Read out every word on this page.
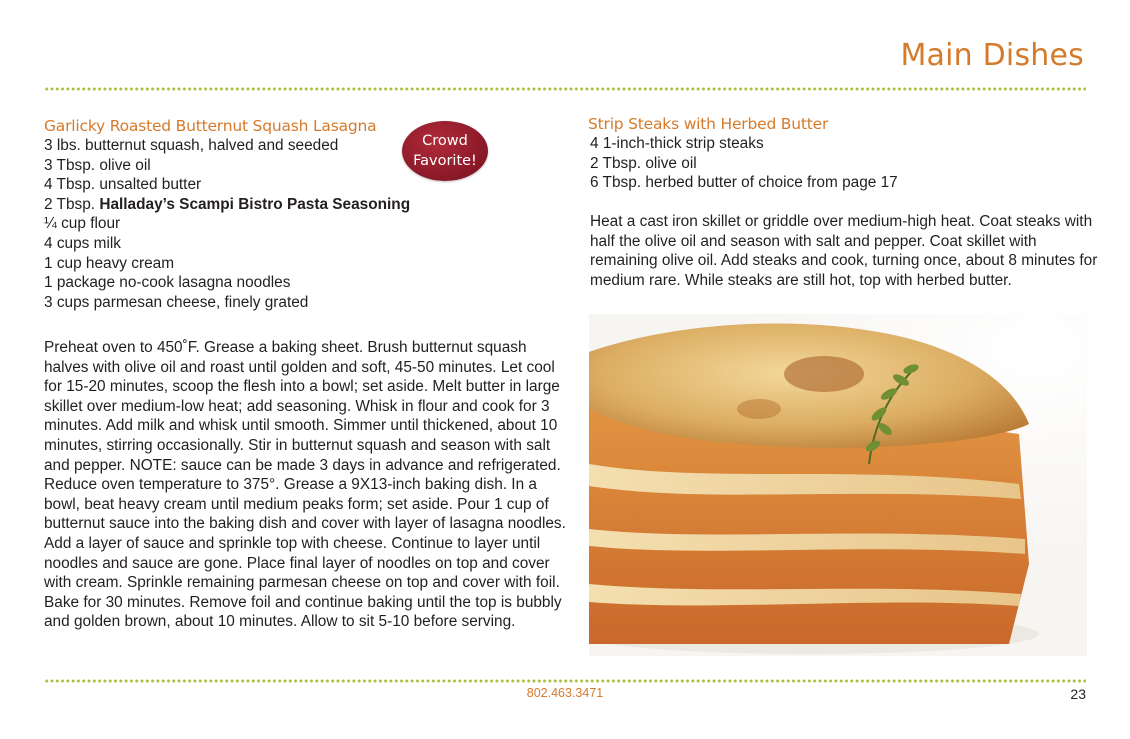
Main Dishes
Garlicky Roasted Butternut Squash Lasagna
Crowd
Favorite!
3 lbs. butternut squash, halved and seeded
3 Tbsp. olive oil
4 Tbsp. unsalted butter
2 Tbsp. Halladay’s Scampi Bistro Pasta Seasoning
¼ cup flour
4 cups milk
1 cup heavy cream
1 package no-cook lasagna noodles
3 cups parmesan cheese, finely grated

Preheat oven to 450˚F. Grease a baking sheet. Brush butternut squash halves with olive oil and roast until golden and soft, 45-50 minutes. Let cool for 15-20 minutes, scoop the flesh into a bowl; set aside. Melt butter in large skillet over medium-low heat; add seasoning. Whisk in flour and cook for 3 minutes. Add milk and whisk until smooth. Simmer until thickened, about 10 minutes, stirring occasionally. Stir in butternut squash and season with salt and pepper. NOTE: sauce can be made 3 days in advance and refrigerated. Reduce oven temperature to 375°. Grease a 9X13-inch baking dish. In a bowl, beat heavy cream until medium peaks form; set aside. Pour 1 cup of butternut sauce into the baking dish and cover with layer of lasagna noodles. Add a layer of sauce and sprinkle top with cheese. Continue to layer until noodles and sauce are gone. Place final layer of noodles on top and cover with cream. Sprinkle remaining parmesan cheese on top and cover with foil. Bake for 30 minutes. Remove foil and continue baking until the top is bubbly and golden brown, about 10 minutes. Allow to sit 5-10 before serving.

Strip Steaks with Herbed Butter
4 1-inch-thick strip steaks
2 Tbsp. olive oil
6 Tbsp. herbed butter of choice from page 17

Heat a cast iron skillet or griddle over medium-high heat. Coat steaks with half the olive oil and season with salt and pepper. Coat skillet with remaining olive oil. Add steaks and cook, turning once, about 8 minutes for medium rare. While steaks are still hot, top with herbed butter.

802.463.3471	23
